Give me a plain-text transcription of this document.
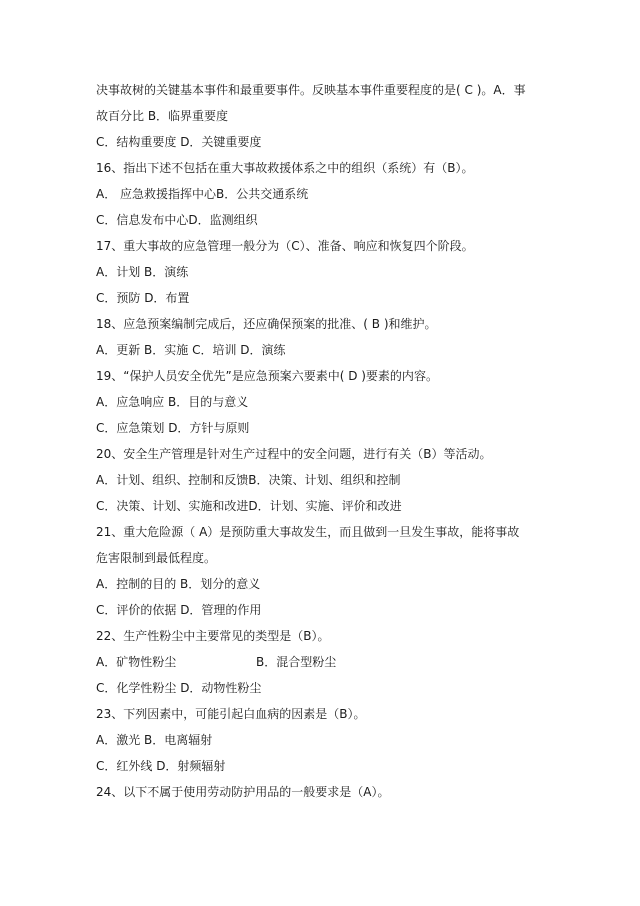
决事故树的关键基本事件和最重要事件。反映基本事件重要程度的是( C )。A．事
故百分比 B．临界重要度
C．结构重要度 D．关键重要度
16、指出下述不包括在重大事故救援体系之中的组织（系统）有（B）。
A． 应急救援指挥中心B．公共交通系统
C．信息发布中心D．监测组织
17、重大事故的应急管理一般分为（C）、准备、响应和恢复四个阶段。
A．计划 B．演练
C．预防 D．布置
18、应急预案编制完成后，还应确保预案的批准、( B )和维护。
A．更新 B．实施 C．培训 D．演练
19、“保护人员安全优先”是应急预案六要素中( D )要素的内容。
A．应急响应 B．目的与意义
C．应急策划 D．方针与原则
20、安全生产管理是针对生产过程中的安全问题，进行有关（B）等活动。
A．计划、组织、控制和反馈B．决策、计划、组织和控制
C．决策、计划、实施和改进D．计划、实施、评价和改进
21、重大危险源（ A）是预防重大事故发生，而且做到一旦发生事故，能将事故
危害限制到最低程度。
A．控制的目的 B．划分的意义
C．评价的依据 D．管理的作用
22、生产性粉尘中主要常见的类型是（B）。
A．矿物性粉尘	B．混合型粉尘
C．化学性粉尘 D．动物性粉尘
23、下列因素中，可能引起白血病的因素是（B）。
A．激光 B．电离辐射
C．红外线 D．射频辐射
24、以下不属于使用劳动防护用品的一般要求是（A）。
